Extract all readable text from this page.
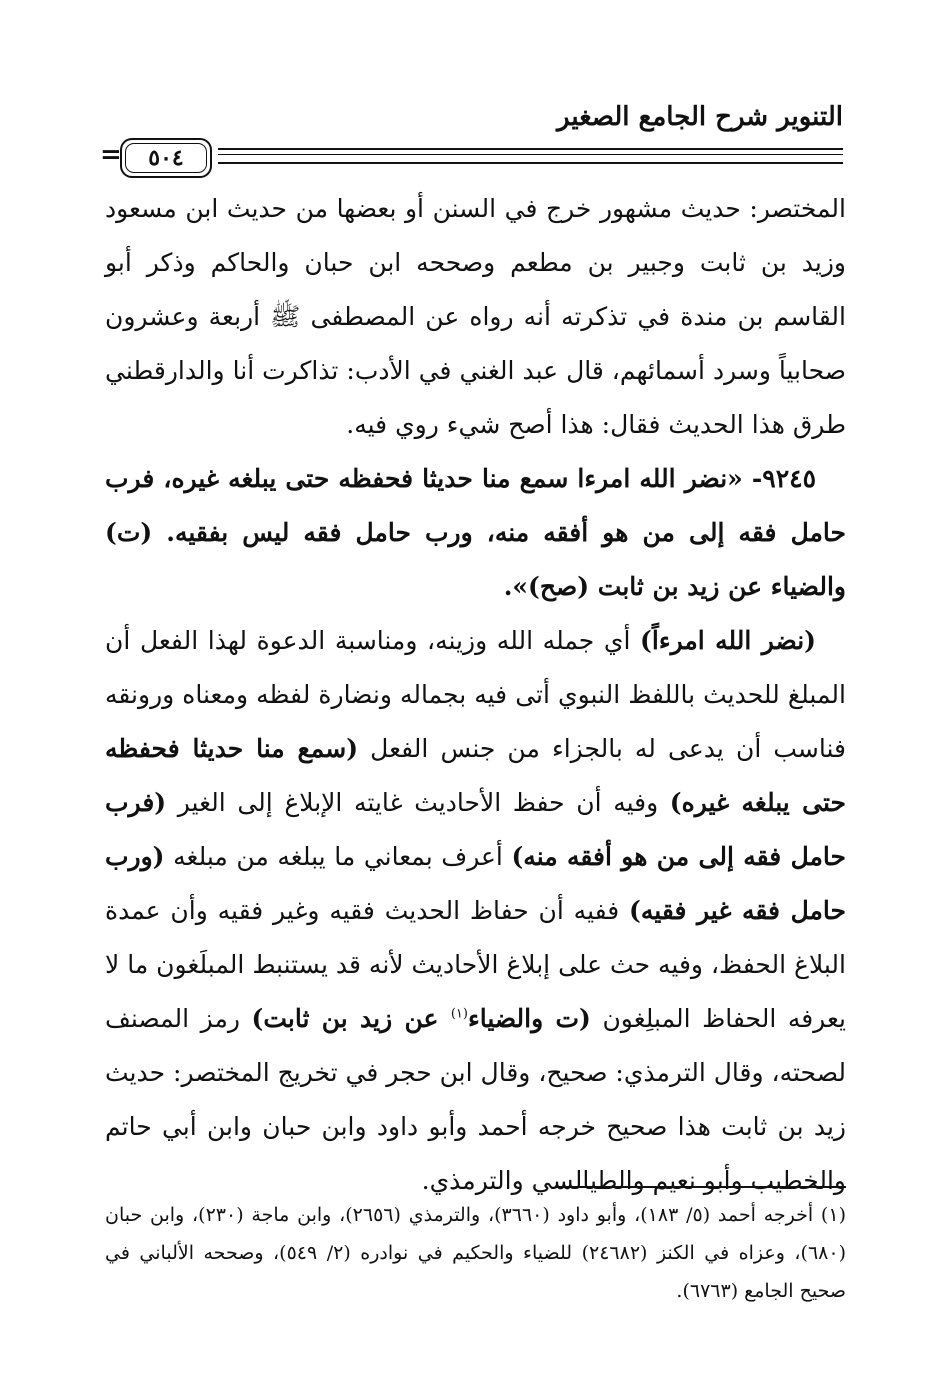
التنوير شرح الجامع الصغير
= ٥٠٤

المختصر: حديث مشهور خرج في السنن أو بعضها من حديث ابن مسعود وزيد بن ثابت وجبير بن مطعم وصححه ابن حبان والحاكم وذكر أبو القاسم بن مندة في تذكرته أنه رواه عن المصطفى ﷺ أربعة وعشرون صحابياً وسرد أسمائهم، قال عبد الغني في الأدب: تذاكرت أنا والدارقطني طرق هذا الحديث فقال: هذا أصح شيء روي فيه.

٩٢٤٥- «نضر الله امرءا سمع منا حديثا فحفظه حتى يبلغه غيره، فرب حامل فقه إلى من هو أفقه منه، ورب حامل فقه ليس بفقيه. (ت) والضياء عن زيد بن ثابت (صح)».

(نضر الله امرءاً) أي جمله الله وزينه، ومناسبة الدعوة لهذا الفعل أن المبلغ للحديث باللفظ النبوي أتى فيه بجماله ونضارة لفظه ومعناه ورونقه فناسب أن يدعى له بالجزاء من جنس الفعل (سمع منا حديثا فحفظه حتى يبلغه غيره) وفيه أن حفظ الأحاديث غايته الإبلاغ إلى الغير (فرب حامل فقه إلى من هو أفقه منه) أعرف بمعاني ما يبلغه من مبلغه (ورب حامل فقه غير فقيه) ففيه أن حفاظ الحديث فقيه وغير فقيه وأن عمدة البلاغ الحفظ، وفيه حث على إبلاغ الأحاديث لأنه قد يستنبط المبلَغون ما لا يعرفه الحفاظ المبلِغون (ت والضياء$^{(١)}$ عن زيد بن ثابت) رمز المصنف لصحته، وقال الترمذي: صحيح، وقال ابن حجر في تخريج المختصر: حديث زيد بن ثابت هذا صحيح خرجه أحمد وأبو داود وابن حبان وابن أبي حاتم والخطيب وأبو نعيم والطيالسي والترمذي.

(١) أخرجه أحمد (٥/ ١٨٣)، وأبو داود (٣٦٦٠)، والترمذي (٢٦٥٦)، وابن ماجة (٢٣٠)، وابن حبان (٦٨٠)، وعزاه في الكنز (٢٤٦٨٢) للضياء والحكيم في نوادره (٢/ ٥٤٩)، وصححه الألباني في صحيح الجامع (٦٧٦٣).
